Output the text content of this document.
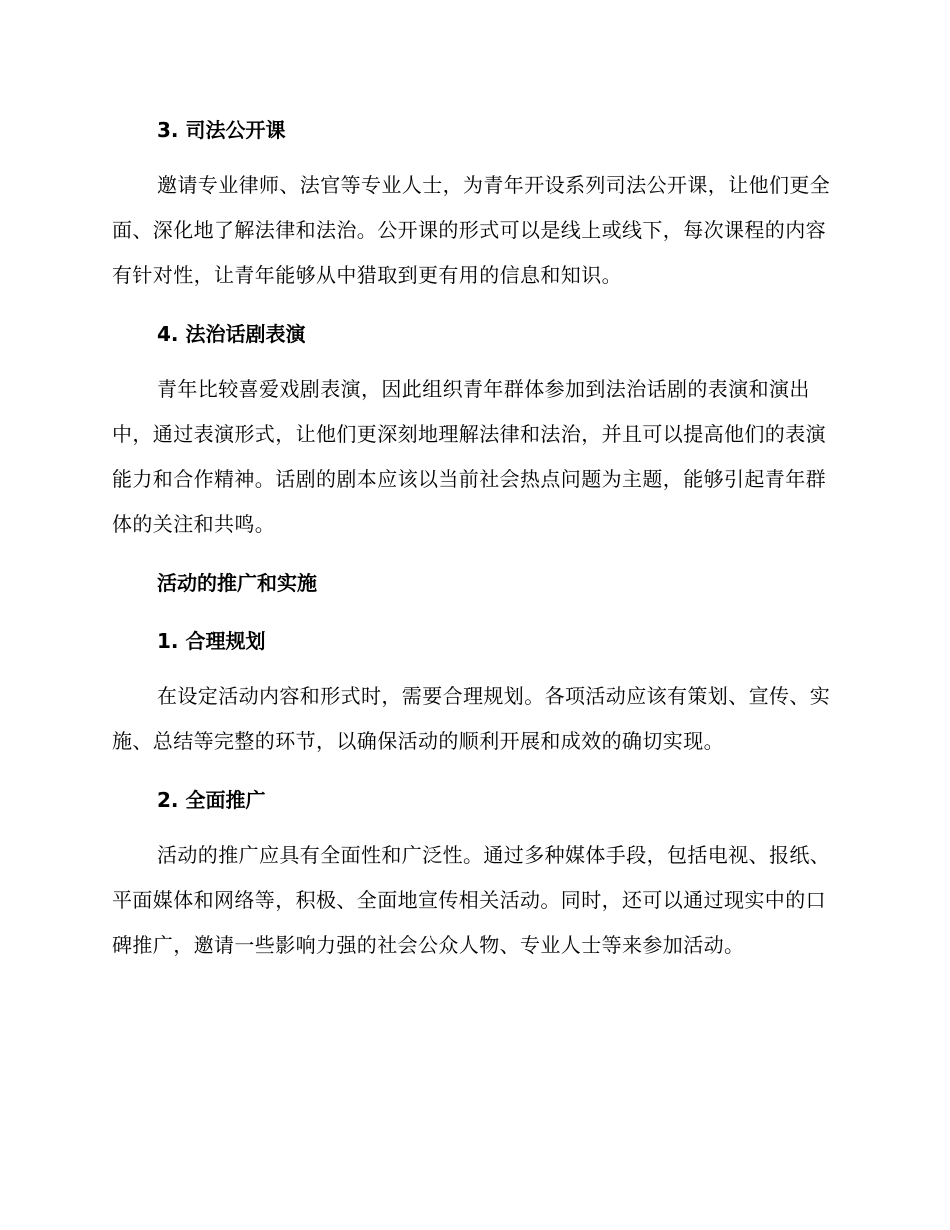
3. 司法公开课
邀请专业律师、法官等专业人士，为青年开设系列司法公开课，让他们更全面、深化地了解法律和法治。公开课的形式可以是线上或线下，每次课程的内容有针对性，让青年能够从中猎取到更有用的信息和知识。
4. 法治话剧表演
青年比较喜爱戏剧表演，因此组织青年群体参加到法治话剧的表演和演出中，通过表演形式，让他们更深刻地理解法律和法治，并且可以提高他们的表演能力和合作精神。话剧的剧本应该以当前社会热点问题为主题，能够引起青年群体的关注和共鸣。
活动的推广和实施
1. 合理规划
在设定活动内容和形式时，需要合理规划。各项活动应该有策划、宣传、实施、总结等完整的环节，以确保活动的顺利开展和成效的确切实现。
2. 全面推广
活动的推广应具有全面性和广泛性。通过多种媒体手段，包括电视、报纸、平面媒体和网络等，积极、全面地宣传相关活动。同时，还可以通过现实中的口碑推广，邀请一些影响力强的社会公众人物、专业人士等来参加活动。
